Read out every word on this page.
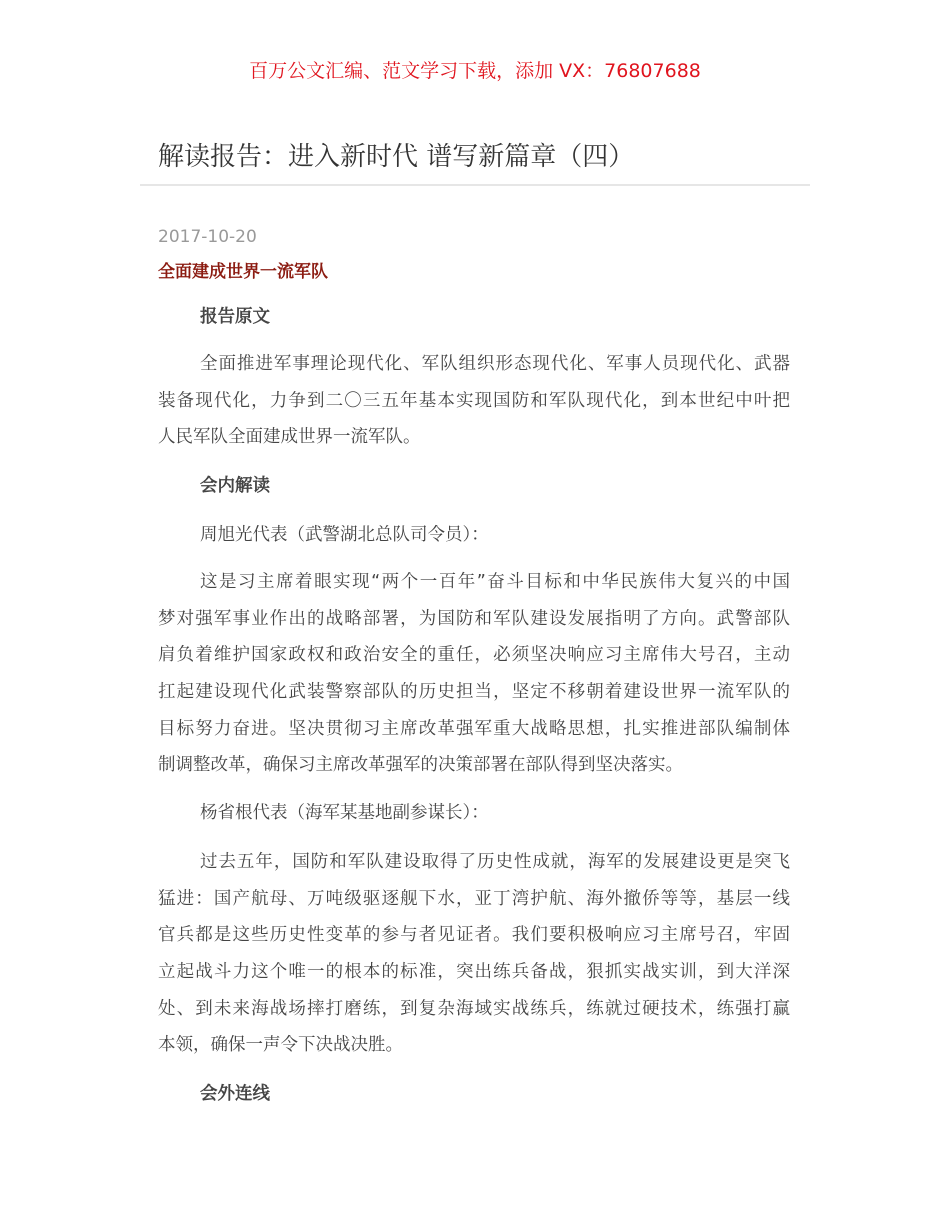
百万公文汇编、范文学习下载，添加 VX：76807688
解读报告：进入新时代 谱写新篇章（四）
2017-10-20
全面建成世界一流军队
报告原文
全面推进军事理论现代化、军队组织形态现代化、军事人员现代化、武器
装备现代化，力争到二〇三五年基本实现国防和军队现代化，到本世纪中叶把
人民军队全面建成世界一流军队。
会内解读
周旭光代表（武警湖北总队司令员）：
这是习主席着眼实现“两个一百年”奋斗目标和中华民族伟大复兴的中国
梦对强军事业作出的战略部署，为国防和军队建设发展指明了方向。武警部队
肩负着维护国家政权和政治安全的重任，必须坚决响应习主席伟大号召，主动
扛起建设现代化武装警察部队的历史担当，坚定不移朝着建设世界一流军队的
目标努力奋进。坚决贯彻习主席改革强军重大战略思想，扎实推进部队编制体
制调整改革，确保习主席改革强军的决策部署在部队得到坚决落实。
杨省根代表（海军某基地副参谋长）：
过去五年，国防和军队建设取得了历史性成就，海军的发展建设更是突飞
猛进：国产航母、万吨级驱逐舰下水，亚丁湾护航、海外撤侨等等，基层一线
官兵都是这些历史性变革的参与者见证者。我们要积极响应习主席号召，牢固
立起战斗力这个唯一的根本的标准，突出练兵备战，狠抓实战实训，到大洋深
处、到未来海战场摔打磨练，到复杂海域实战练兵，练就过硬技术，练强打赢
本领，确保一声令下决战决胜。
会外连线
